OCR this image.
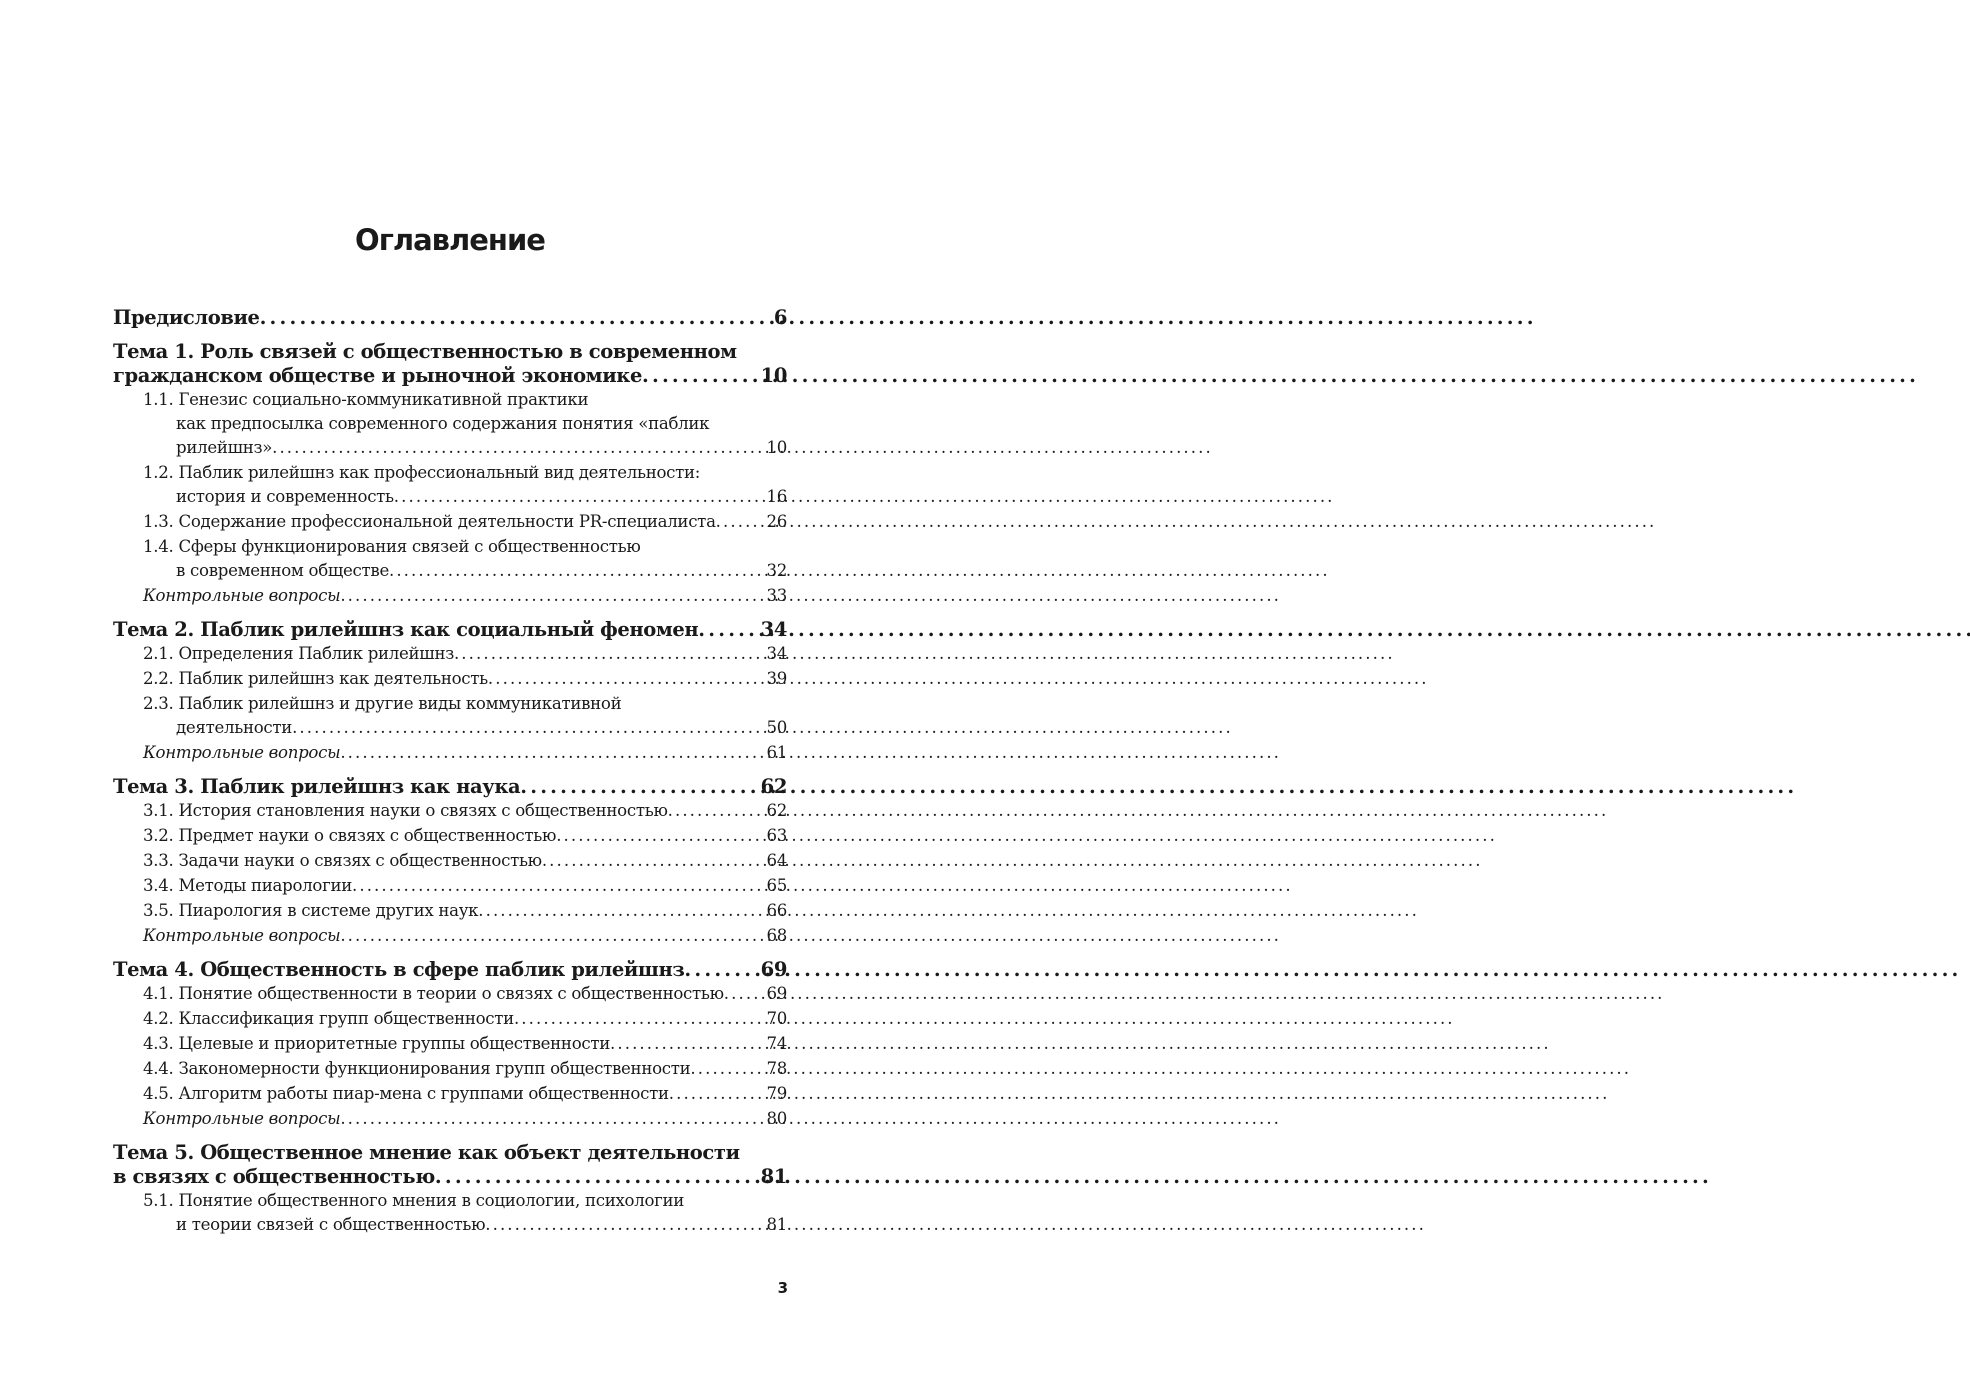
Оглавление
Предисловие . . .	6
Тема 1. Роль связей с общественностью в современном
гражданском обществе и рыночной экономике . . .	10
1.1. Генезис социально-коммуникативной практики
как предпосылка современного содержания понятия «паблик
рилейшнз» . . .	10
1.2. Паблик рилейшнз как профессиональный вид деятельности:
история и современность . . .	16
1.3. Содержание профессиональной деятельности PR-специалиста . . .	26
1.4. Сферы функционирования связей с общественностью
в современном обществе . . .	32
Контрольные вопросы . . .	33
Тема 2. Паблик рилейшнз как социальный феномен . . .	34
2.1. Определения Паблик рилейшнз . . .	34
2.2. Паблик рилейшнз как деятельность . . .	39
2.3. Паблик рилейшнз и другие виды коммуникативной
деятельности . . .	50
Контрольные вопросы . . .	61
Тема 3. Паблик рилейшнз как наука . . .	62
3.1. История становления науки о связях с общественностью . . .	62
3.2. Предмет науки о связях с общественностью . . .	63
3.3. Задачи науки о связях с общественностью . . .	64
3.4. Методы пиарологии . . .	65
3.5. Пиарология в системе других наук . . .	66
Контрольные вопросы . . .	68
Тема 4. Общественность в сфере паблик рилейшнз . . .	69
4.1. Понятие общественности в теории о связях с общественностью . . .	69
4.2. Классификация групп общественности . . .	70
4.3. Целевые и приоритетные группы общественности . . .	74
4.4. Закономерности функционирования групп общественности . . .	78
4.5. Алгоритм работы пиар-мена с группами общественности . . .	79
Контрольные вопросы . . .	80
Тема 5. Общественное мнение как объект деятельности
в связях с общественностью . . .	81
5.1. Понятие общественного мнения в социологии, психологии
и теории связей с общественностью . . .	81
3
